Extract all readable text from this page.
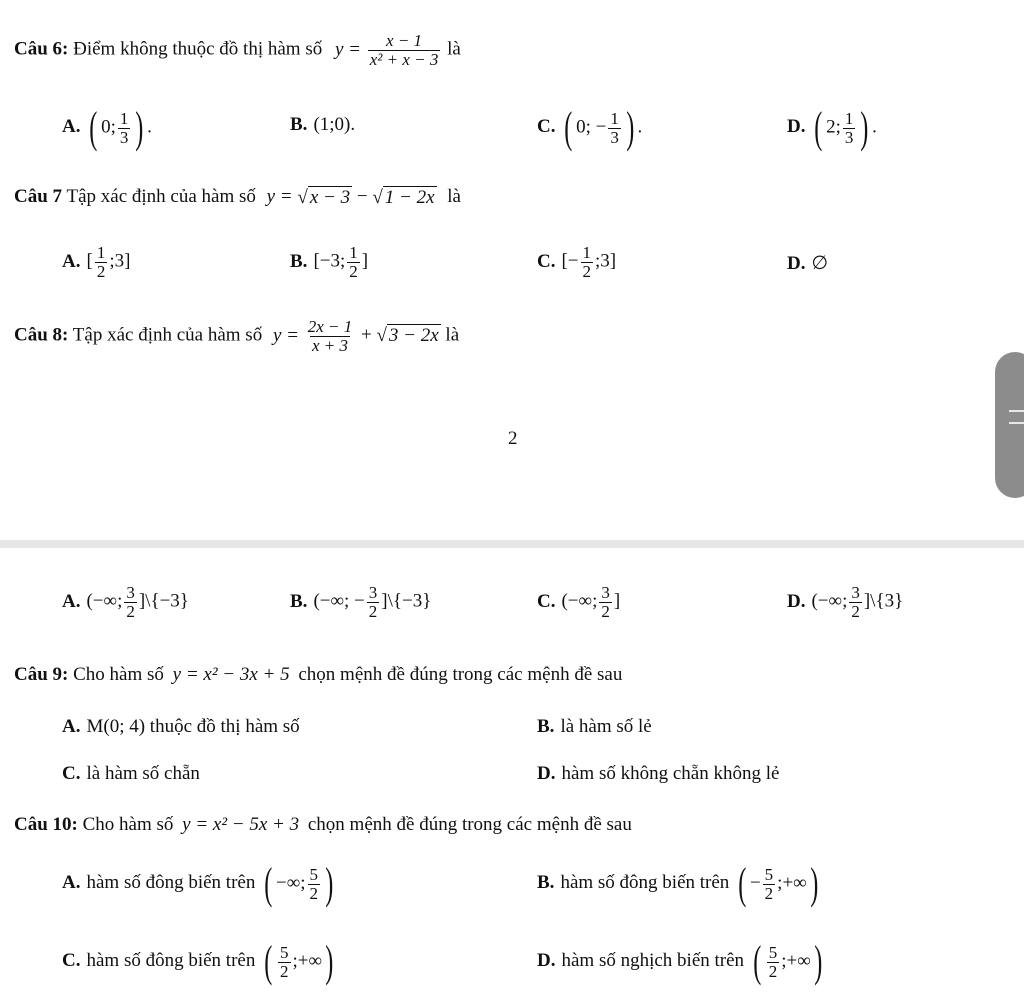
Câu 6: Điểm không thuộc đồ thị hàm số $y = \frac{x - 1}{\text{x² + x − 3}}$ là
A. ( 0; $\frac{1}{3}$ ) .	B. (1;0).	C. ( 0; − $\frac{1}{3}$ ) .	D. ( 2; $\frac{1}{3}$ ) .
Câu 7 Tập xác định của hàm số y = √ x − 3 − √ 1 − 2x là
A. [ $\frac{1}{2}$ ;3]	B. [−3; $\frac{1}{2}$ ]	C. [− $\frac{1}{2}$ ;3]	D. ∅
Câu 8: Tập xác định của hàm số $y = \frac{2x - 1}{x + 3}$ + √ 3 − 2x là
2
A. (−∞; $\frac{3}{2}$ ]\{−3}	B. (−∞; − $\frac{3}{2}$ ]\{−3}	C. (−∞; $\frac{3}{2}$ ]	D. (−∞; $\frac{3}{2}$ ]\{3}
Câu 9: Cho hàm số y = x² − 3x + 5 chọn mệnh đề đúng trong các mệnh đề sau
A. M(0; 4) thuộc đồ thị hàm số	B. là hàm số lẻ
C. là hàm số chẵn	D. hàm số không chẵn không lẻ
Câu 10: Cho hàm số y = x² − 5x + 3 chọn mệnh đề đúng trong các mệnh đề sau
A. hàm số đông biến trên ( −∞; $\frac{5}{2}$ )	B. hàm số đông biến trên ( − $\frac{5}{2}$ ;+∞)
C. hàm số đông biến trên ( $\frac{5}{2}$ ;+∞)	D. hàm số nghịch biến trên ( $\frac{5}{2}$ ;+∞)
